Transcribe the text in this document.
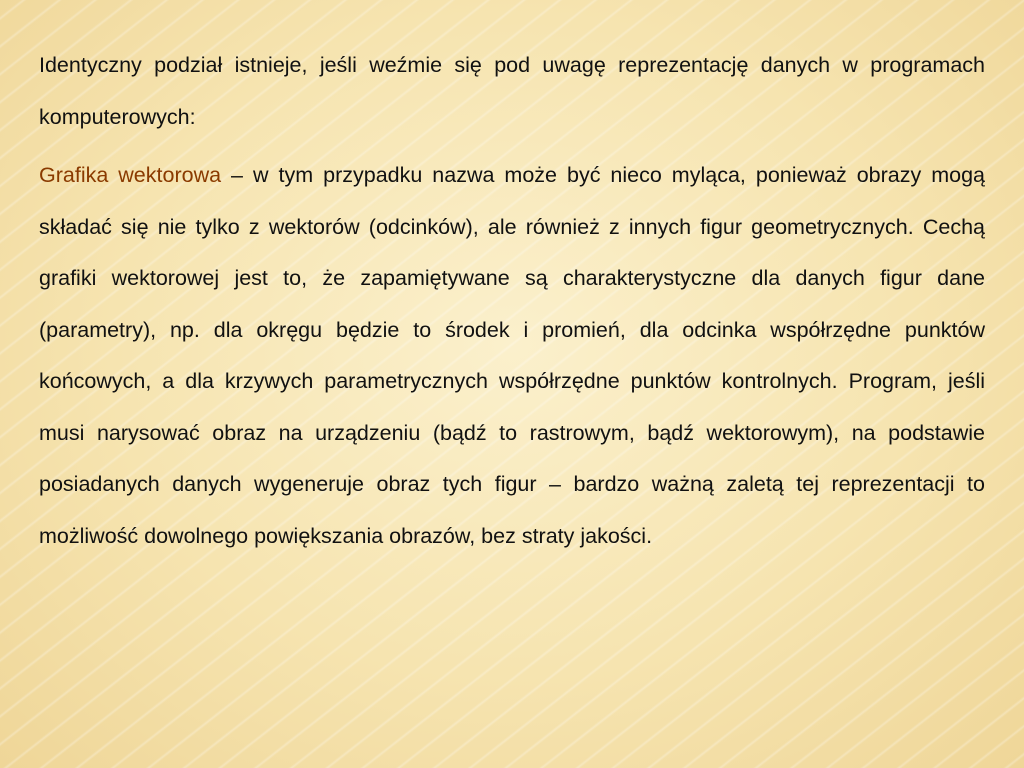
Identyczny podział istnieje, jeśli weźmie się pod uwagę reprezentację danych w programach komputerowych:

Grafika wektorowa – w tym przypadku nazwa może być nieco myląca, ponieważ obrazy mogą składać się nie tylko z wektorów (odcinków), ale również z innych figur geometrycznych. Cechą grafiki wektorowej jest to, że zapamiętywane są charakterystyczne dla danych figur dane (parametry), np. dla okręgu będzie to środek i promień, dla odcinka współrzędne punktów końcowych, a dla krzywych parametrycznych współrzędne punktów kontrolnych. Program, jeśli musi narysować obraz na urządzeniu (bądź to rastrowym, bądź wektorowym), na podstawie posiadanych danych wygeneruje obraz tych figur – bardzo ważną zaletą tej reprezentacji to możliwość dowolnego powiększania obrazów, bez straty jakości.
